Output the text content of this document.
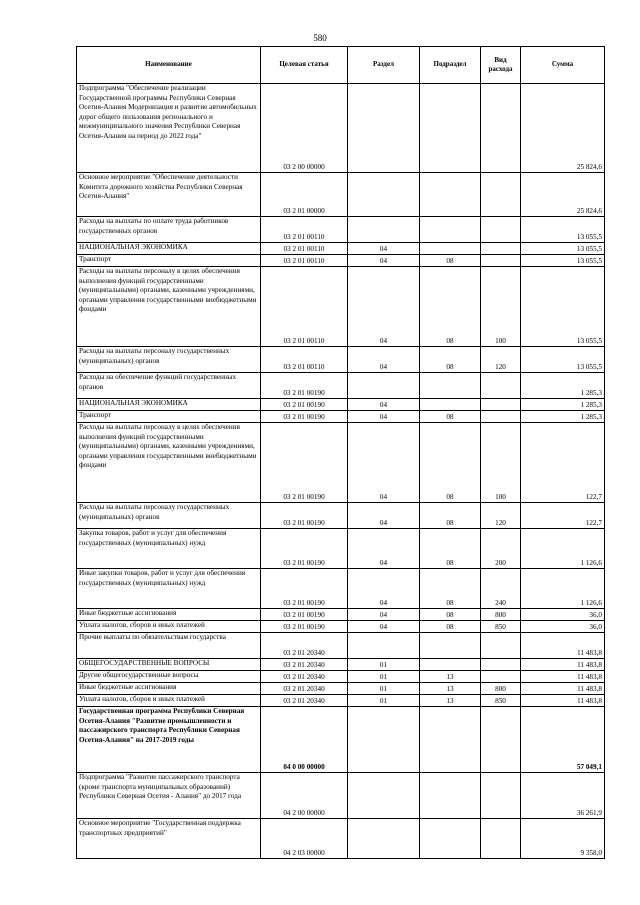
580
Наименование	Целевая статья	Раздел	Подраздел	Вид расхода	Сумма
Подпрограмма "Обеспечение реализации Государственной программы Республики Северная Осетия-Алания Модернизация и развитие автомобильных дорог общего пользования регионального и межмуниципального значения Республики Северная Осетия-Алания на период до 2022 года"	03 2 00 00000				25 824,6
Основное мероприятие "Обеспечение деятельности Комитета дорожного хозяйства Республики Северная Осетия-Алания"	03 2 01 00000				25 824,6
Расходы на выплаты по оплате труда работников государственных органов	03 2 01 00110				13 055,5
НАЦИОНАЛЬНАЯ ЭКОНОМИКА	03 2 01 00110	04			13 055,5
Транспорт	03 2 01 00110	04	08		13 055,5
Расходы на выплаты персоналу в целях обеспечения выполнения функций государственными (муниципальными) органами, казенными учреждениями, органами управления государственными внебюджетными фондами	03 2 01 00110	04	08	100	13 055,5
Расходы на выплаты персоналу государственных (муниципальных) органов	03 2 01 00110	04	08	120	13 055,5
Расходы на обеспечение функций государственных органов	03 2 01 00190				1 285,3
НАЦИОНАЛЬНАЯ ЭКОНОМИКА	03 2 01 00190	04			1 285,3
Транспорт	03 2 01 00190	04	08		1 285,3
Расходы на выплаты персоналу в целях обеспечения выполнения функций государственными (муниципальными) органами, казенными учреждениями, органами управления государственными внебюджетными фондами	03 2 01 00190	04	08	100	122,7
Расходы на выплаты персоналу государственных (муниципальных) органов	03 2 01 00190	04	08	120	122,7
Закупка товаров, работ и услуг для обеспечения государственных (муниципальных) нужд	03 2 01 00190	04	08	200	1 126,6
Иные закупки товаров, работ и услуг для обеспечения государственных (муниципальных) нужд	03 2 01 00190	04	08	240	1 126,6
Иные бюджетные ассигнования	03 2 01 00190	04	08	800	36,0
Уплата налогов, сборов и иных платежей	03 2 01 00190	04	08	850	36,0
Прочие выплаты по обязательствам государства	03 2 01 20340				11 483,8
ОБЩЕГОСУДАРСТВЕННЫЕ ВОПРОСЫ	03 2 01 20340	01			11 483,8
Другие общегосударственные вопросы	03 2 01 20340	01	13		11 483,8
Иные бюджетные ассигнования	03 2 01 20340	01	13	800	11 483,8
Уплата налогов, сборов и иных платежей	03 2 01 20340	01	13	850	11 483,8
Государственная программа Республики Северная Осетия-Алания "Развитие промышленности и пассажирского транспорта Республики Северная Осетия-Алания" на 2017-2019 годы	04 0 00 00000				57 049,1
Подпрограмма "Развитие пассажирского транспорта (кроме транспорта муниципальных образований) Республики Северная Осетия - Алания" до 2017 года	04 2 00 00000				36 261,9
Основное мероприятие "Государственная поддержка транспортных предприятий"	04 2 03 00000				9 358,0
